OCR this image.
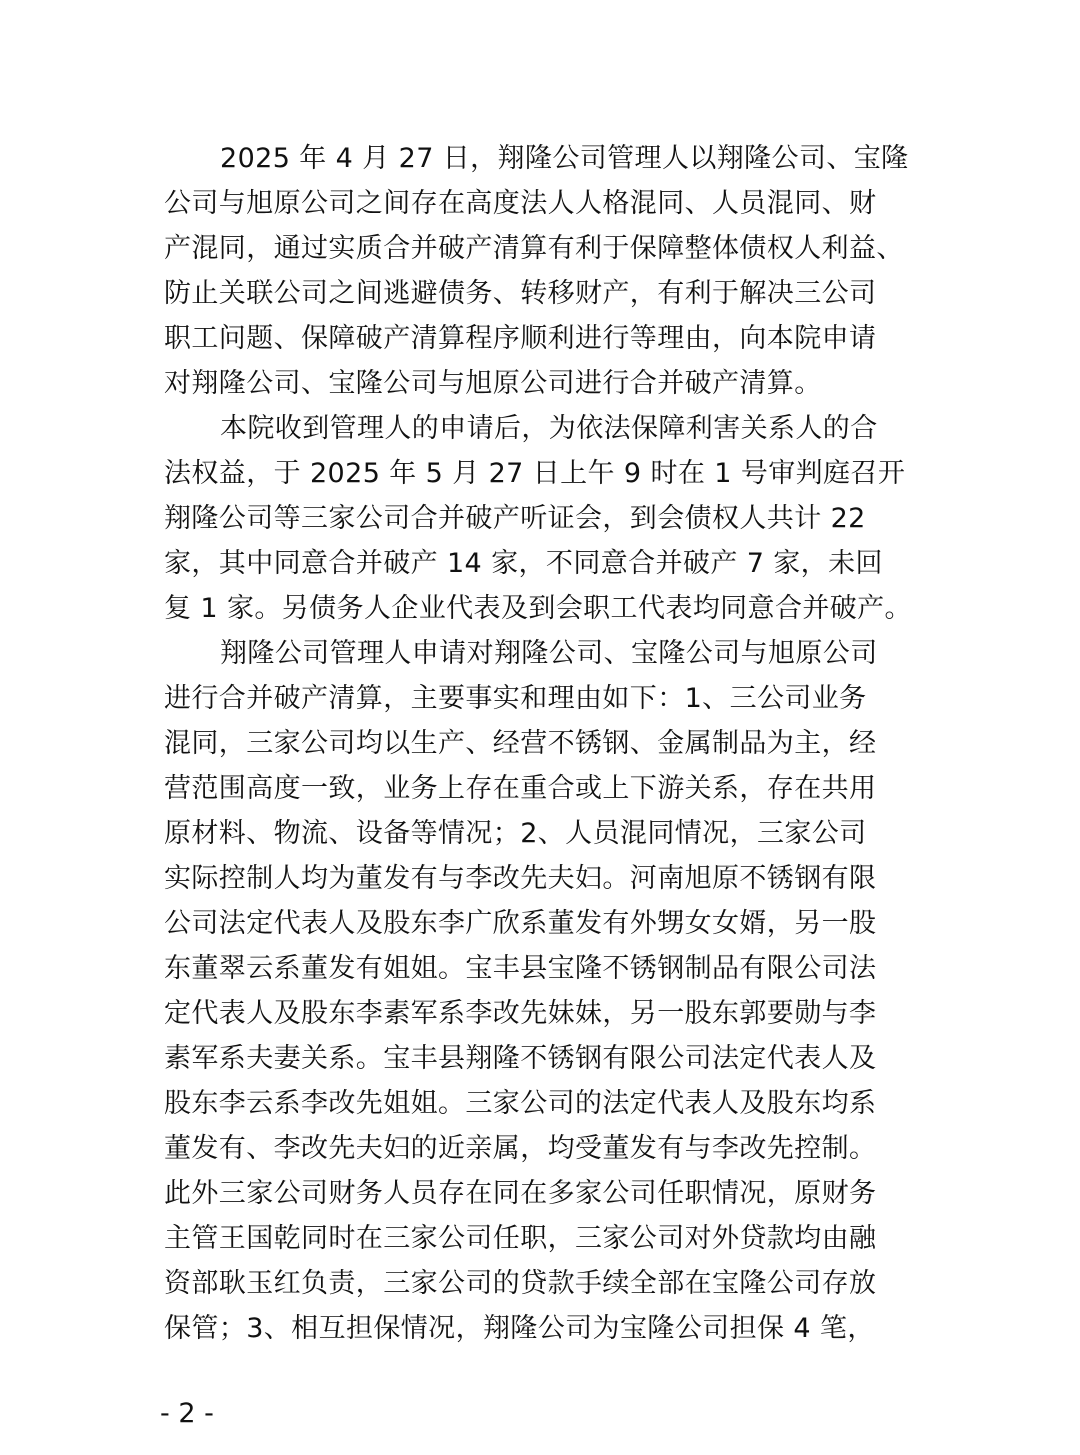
2025 年 4 月 27 日，翔隆公司管理人以翔隆公司、宝隆
公司与旭原公司之间存在高度法人人格混同、人员混同、财
产混同，通过实质合并破产清算有利于保障整体债权人利益、
防止关联公司之间逃避债务、转移财产，有利于解决三公司
职工问题、保障破产清算程序顺利进行等理由，向本院申请
对翔隆公司、宝隆公司与旭原公司进行合并破产清算。
本院收到管理人的申请后，为依法保障利害关系人的合
法权益，于 2025 年 5 月 27 日上午 9 时在 1 号审判庭召开
翔隆公司等三家公司合并破产听证会，到会债权人共计 22
家，其中同意合并破产 14 家，不同意合并破产 7 家，未回
复 1 家。另债务人企业代表及到会职工代表均同意合并破产。
翔隆公司管理人申请对翔隆公司、宝隆公司与旭原公司
进行合并破产清算，主要事实和理由如下：1、三公司业务
混同，三家公司均以生产、经营不锈钢、金属制品为主，经
营范围高度一致，业务上存在重合或上下游关系，存在共用
原材料、物流、设备等情况；2、人员混同情况，三家公司
实际控制人均为董发有与李改先夫妇。河南旭原不锈钢有限
公司法定代表人及股东李广欣系董发有外甥女女婿，另一股
东董翠云系董发有姐姐。宝丰县宝隆不锈钢制品有限公司法
定代表人及股东李素军系李改先妹妹，另一股东郭要勋与李
素军系夫妻关系。宝丰县翔隆不锈钢有限公司法定代表人及
股东李云系李改先姐姐。三家公司的法定代表人及股东均系
董发有、李改先夫妇的近亲属，均受董发有与李改先控制。
此外三家公司财务人员存在同在多家公司任职情况，原财务
主管王国乾同时在三家公司任职，三家公司对外贷款均由融
资部耿玉红负责，三家公司的贷款手续全部在宝隆公司存放
保管；3、相互担保情况，翔隆公司为宝隆公司担保 4 笔，
- 2 -
